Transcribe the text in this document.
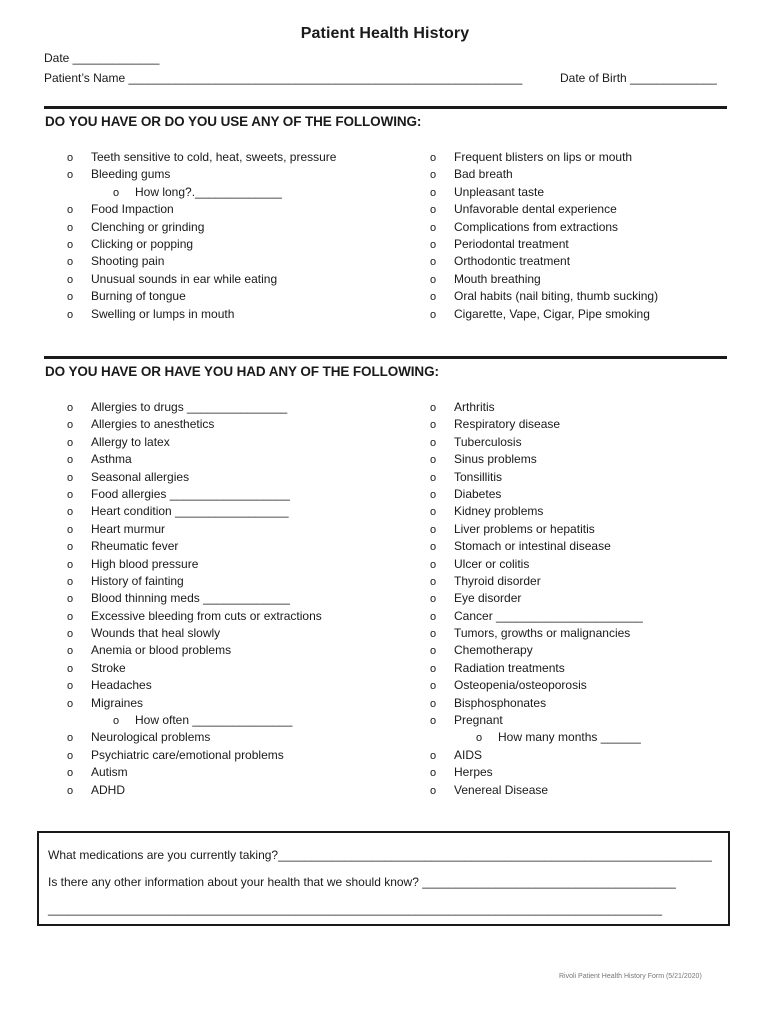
Patient Health History
Date _____________
Patient’s Name ___________________________________________________________	Date of Birth _____________
DO YOU HAVE OR DO YOU USE ANY OF THE FOLLOWING:
o Teeth sensitive to cold, heat, sweets, pressure
o Bleeding gums
o How long?._____________
o Food Impaction
o Clenching or grinding
o Clicking or popping
o Shooting pain
o Unusual sounds in ear while eating
o Burning of tongue
o Swelling or lumps in mouth
o Frequent blisters on lips or mouth
o Bad breath
o Unpleasant taste
o Unfavorable dental experience
o Complications from extractions
o Periodontal treatment
o Orthodontic treatment
o Mouth breathing
o Oral habits (nail biting, thumb sucking)
o Cigarette, Vape, Cigar, Pipe smoking
DO YOU HAVE OR HAVE YOU HAD ANY OF THE FOLLOWING:
o Allergies to drugs _______________
o Allergies to anesthetics
o Allergy to latex
o Asthma
o Seasonal allergies
o Food allergies __________________
o Heart condition _________________
o Heart murmur
o Rheumatic fever
o High blood pressure
o History of fainting
o Blood thinning meds _____________
o Excessive bleeding from cuts or extractions
o Wounds that heal slowly
o Anemia or blood problems
o Stroke
o Headaches
o Migraines
o How often _______________
o Neurological problems
o Psychiatric care/emotional problems
o Autism
o ADHD
o Arthritis
o Respiratory disease
o Tuberculosis
o Sinus problems
o Tonsillitis
o Diabetes
o Kidney problems
o Liver problems or hepatitis
o Stomach or intestinal disease
o Ulcer or colitis
o Thyroid disorder
o Eye disorder
o Cancer ______________________
o Tumors, growths or malignancies
o Chemotherapy
o Radiation treatments
o Osteopenia/osteoporosis
o Bisphosphonates
o Pregnant
o How many months ______
o AIDS
o Herpes
o Venereal Disease
What medications are you currently taking?_________________________________________________________________
Is there any other information about your health that we should know? ______________________________________
____________________________________________________________________________________________
Rivoli Patient Health History Form (5/21/2020)
